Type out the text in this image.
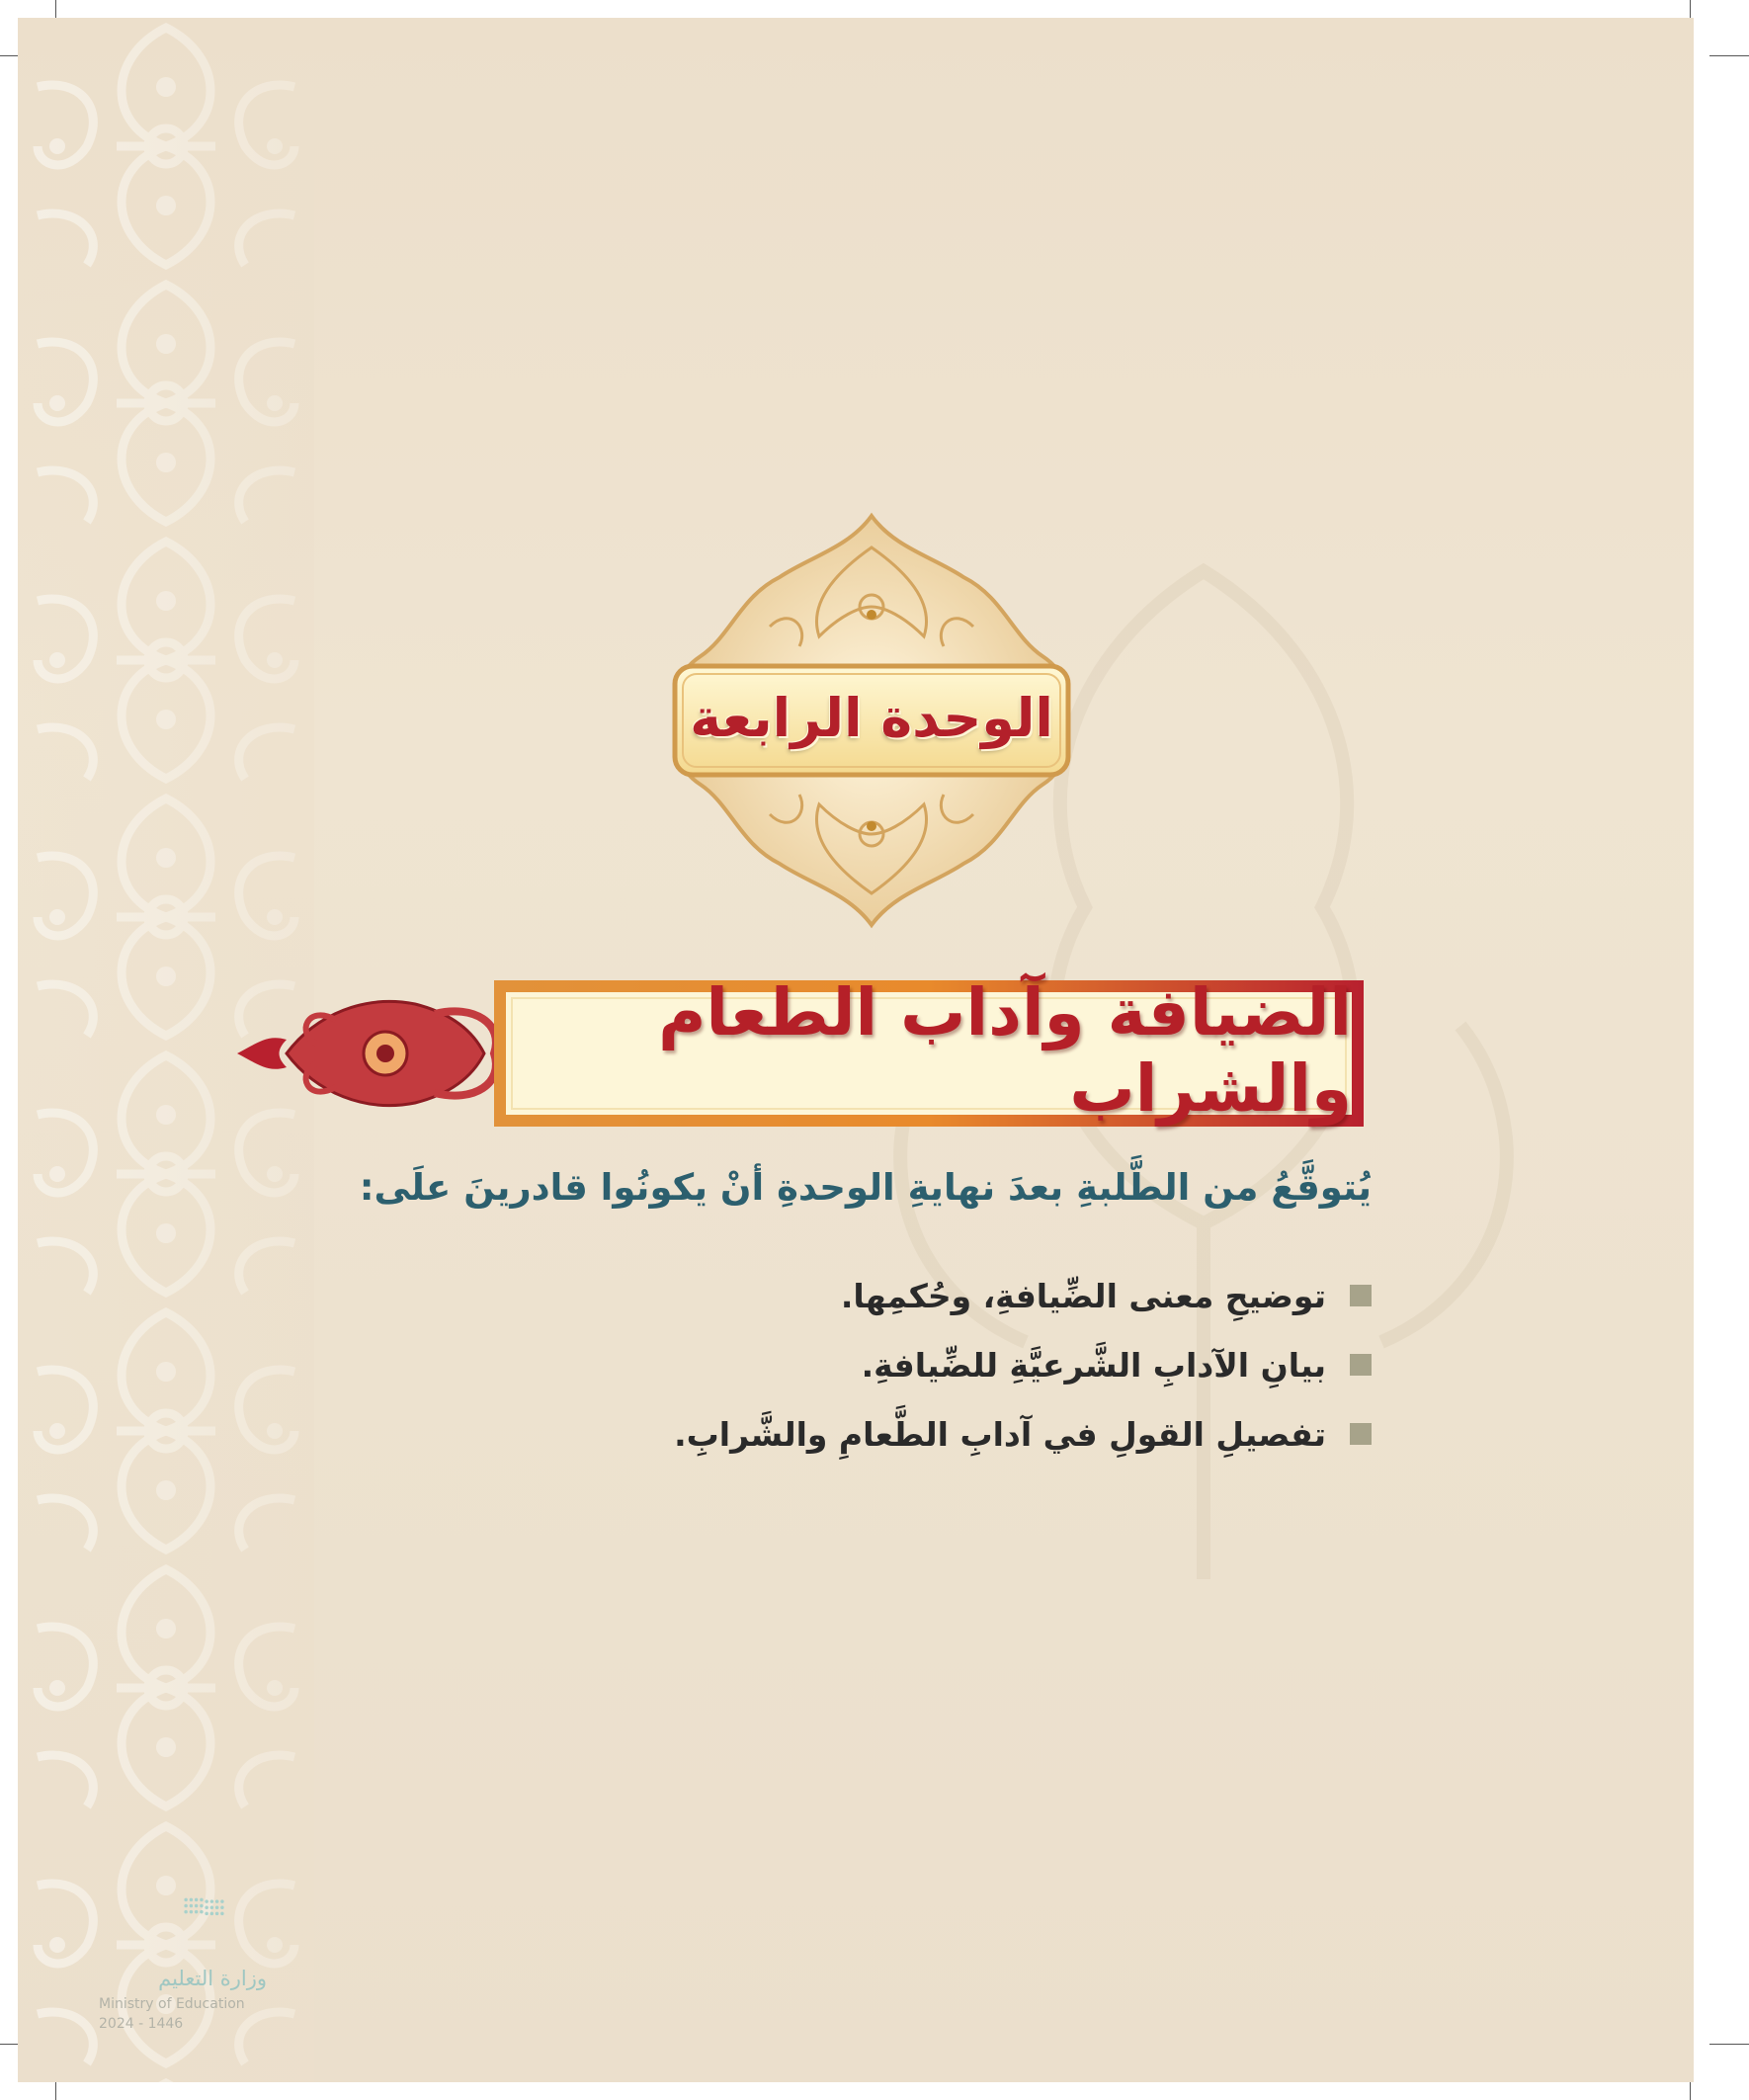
الوحدة الرابعة
الضيافة وآداب الطعام والشراب
يُتوقَّعُ من الطَّلبةِ بعدَ نهايةِ الوحدةِ أنْ يكونُوا قادرينَ علَى:
توضيحِ معنى الضِّيافةِ، وحُكمِها.
بيانِ الآدابِ الشَّرعيَّةِ للضِّيافةِ.
تفصيلِ القولِ في آدابِ الطَّعامِ والشَّرابِ.
وزارة التعليم
Ministry of Education
2024 - 1446
